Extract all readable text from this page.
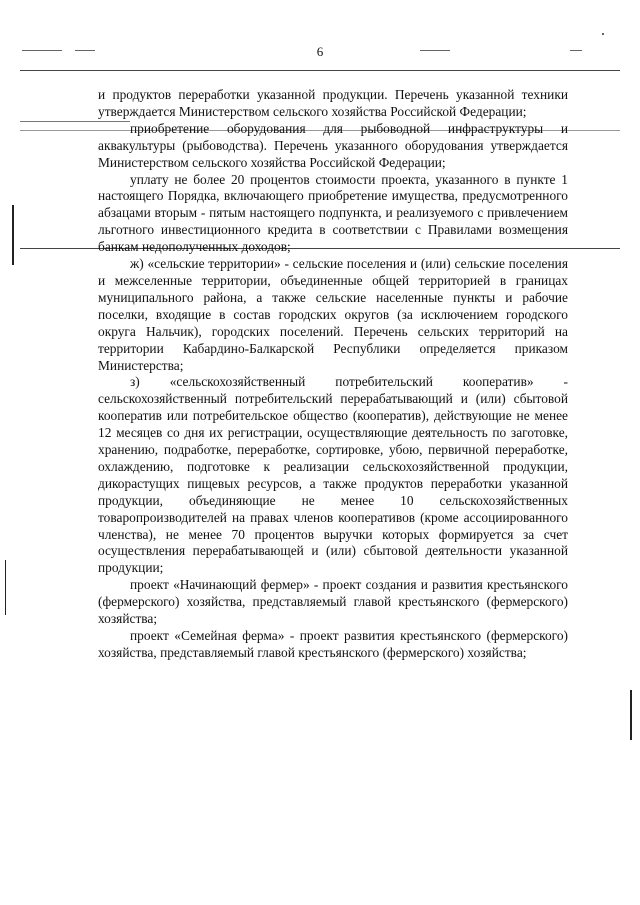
6

и продуктов переработки указанной продукции. Перечень указанной техники утверждается Министерством сельского хозяйства Российской Федерации;

приобретение оборудования для рыбоводной инфраструктуры и аквакультуры (рыбоводства). Перечень указанного оборудования утверждается Министерством сельского хозяйства Российской Федерации;

уплату не более 20 процентов стоимости проекта, указанного в пункте 1 настоящего Порядка, включающего приобретение имущества, предусмотренного абзацами вторым - пятым настоящего подпункта, и реализуемого с привлечением льготного инвестиционного кредита в соответствии с Правилами возмещения банкам недополученных доходов;

ж) «сельские территории» - сельские поселения и (или) сельские поселения и межселенные территории, объединенные общей территорией в границах муниципального района, а также сельские населенные пункты и рабочие поселки, входящие в состав городских округов (за исключением городского округа Нальчик), городских поселений. Перечень сельских территорий на территории Кабардино-Балкарской Республики определяется приказом Министерства;

з) «сельскохозяйственный потребительский кооператив» - сельскохозяйственный потребительский перерабатывающий и (или) сбытовой кооператив или потребительское общество (кооператив), действующие не менее 12 месяцев со дня их регистрации, осуществляющие деятельность по заготовке, хранению, подработке, переработке, сортировке, убою, первичной переработке, охлаждению, подготовке к реализации сельскохозяйственной продукции, дикорастущих пищевых ресурсов, а также продуктов переработки указанной продукции, объединяющие не менее 10 сельскохозяйственных товаропроизводителей на правах членов кооперативов (кроме ассоциированного членства), не менее 70 процентов выручки которых формируется за счет осуществления перерабатывающей и (или) сбытовой деятельности указанной продукции;

проект «Начинающий фермер» - проект создания и развития крестьянского (фермерского) хозяйства, представляемый главой крестьянского (фермерского) хозяйства;

проект «Семейная ферма» - проект развития крестьянского (фермерского) хозяйства, представляемый главой крестьянского (фермерского) хозяйства;
